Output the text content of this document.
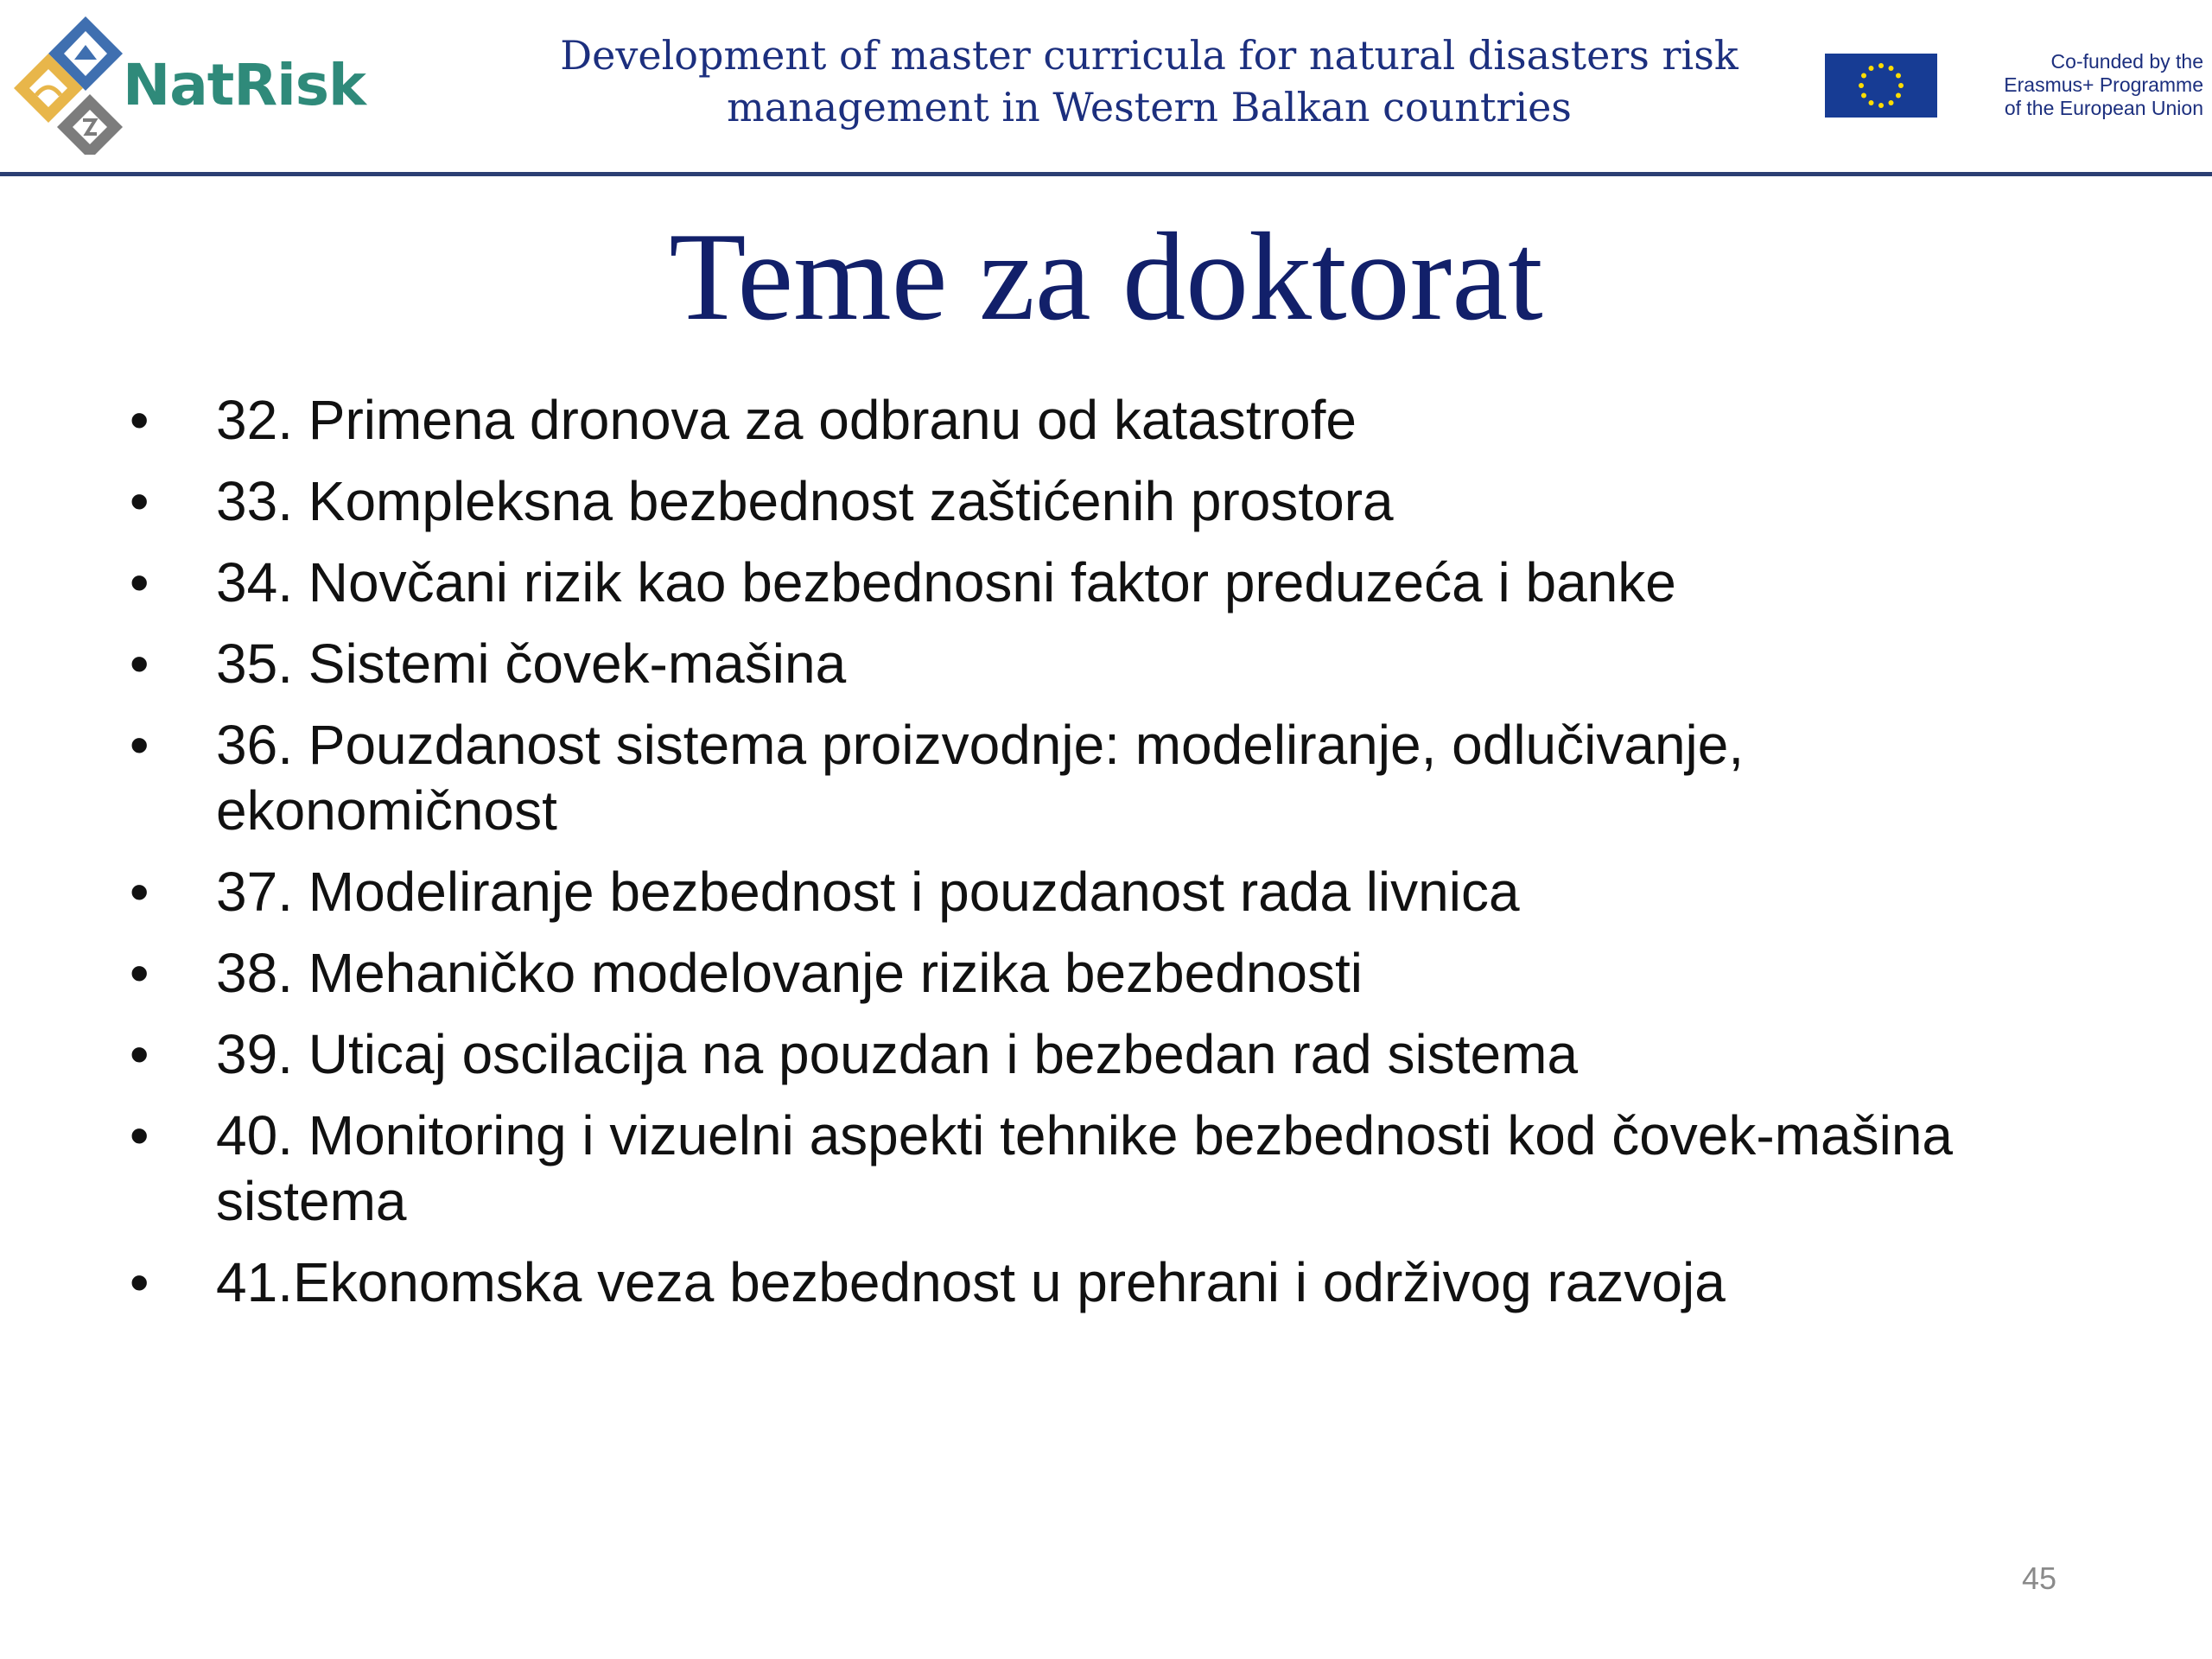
NatRisk	Development of master curricula for natural disasters risk
management in Western Balkan countries
Co-funded by the
Erasmus+ Programme
of the European Union
Teme za doktorat
• 32. Primena dronova za odbranu od katastrofe
• 33. Kompleksna bezbednost zaštićenih prostora
• 34. Novčani rizik kao bezbednosni faktor preduzeća i banke
• 35. Sistemi čovek-mašina
• 36. Pouzdanost sistema proizvodnje: modeliranje, odlučivanje, ekonomičnost
• 37. Modeliranje bezbednost i pouzdanost rada livnica
• 38. Mehaničko modelovanje rizika bezbednosti
• 39. Uticaj oscilacija na pouzdan i bezbedan rad sistema
• 40. Monitoring i vizuelni aspekti tehnike bezbednosti kod čovek-mašina sistema
• 41.Ekonomska veza bezbednost u prehrani i održivog razvoja
45
